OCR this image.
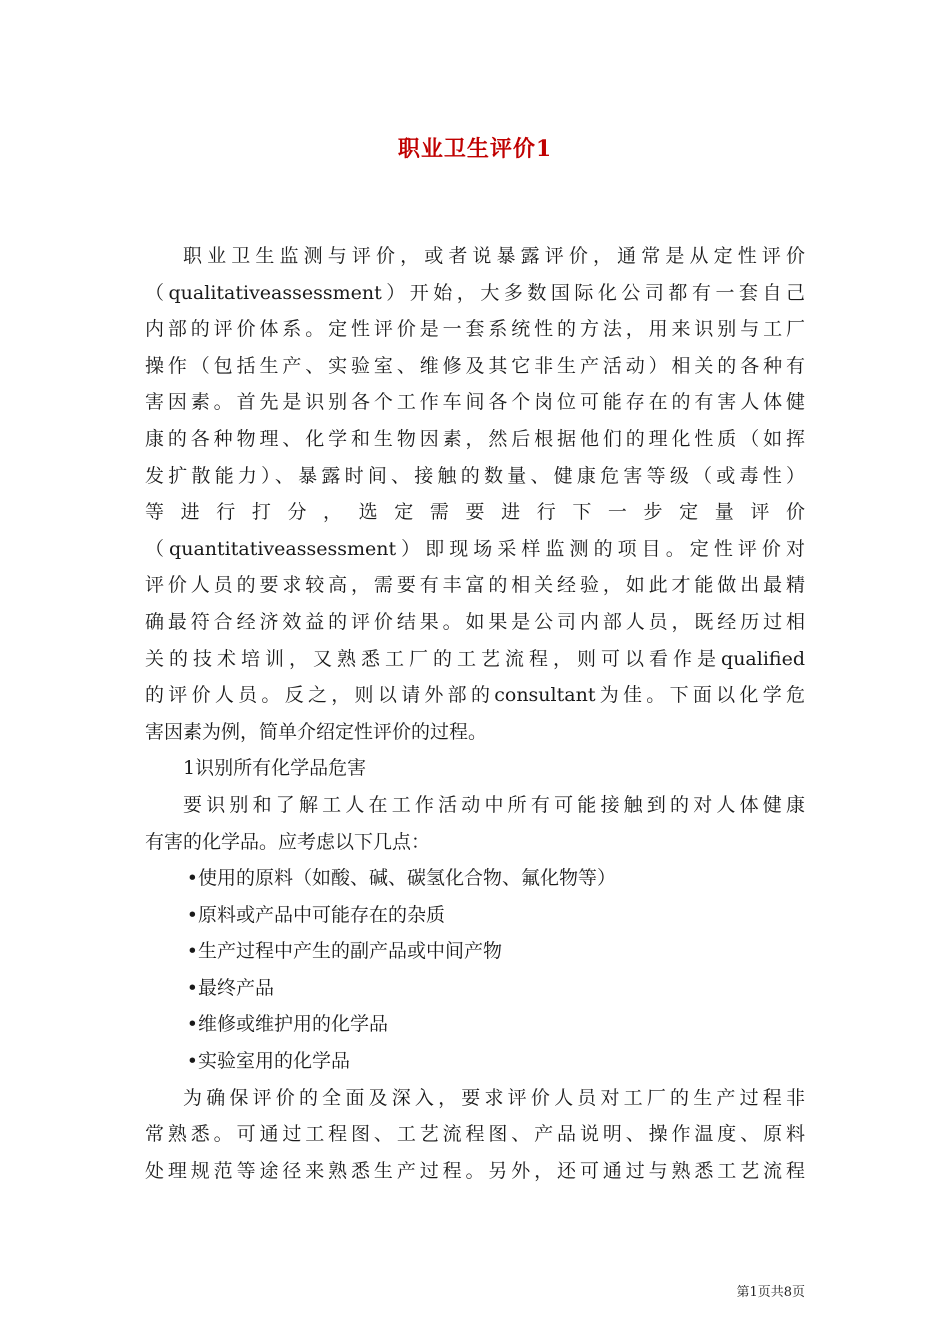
职业卫生评价1

职业卫生监测与评价，或者说暴露评价，通常是从定性评价

（qualitativeassessment）开始，大多数国际化公司都有一套自己

内部的评价体系。定性评价是一套系统性的方法，用来识别与工厂

操作（包括生产、实验室、维修及其它非生产活动）相关的各种有

害因素。首先是识别各个工作车间各个岗位可能存在的有害人体健

康的各种物理、化学和生物因素，然后根据他们的理化性质（如挥

发扩散能力）、暴露时间、接触的数量、健康危害等级（或毒性）

等进行打分，选定需要进行下一步定量评价

（quantitativeassessment）即现场采样监测的项目。定性评价对

评价人员的要求较高，需要有丰富的相关经验，如此才能做出最精

确最符合经济效益的评价结果。如果是公司内部人员，既经历过相

关的技术培训，又熟悉工厂的工艺流程，则可以看作是qualified

的评价人员。反之，则以请外部的consultant为佳。下面以化学危

害因素为例，简单介绍定性评价的过程。

1识别所有化学品危害

要识别和了解工人在工作活动中所有可能接触到的对人体健康

有害的化学品。应考虑以下几点：

•使用的原料（如酸、碱、碳氢化合物、氟化物等）

•原料或产品中可能存在的杂质

•生产过程中产生的副产品或中间产物

•最终产品

•维修或维护用的化学品

•实验室用的化学品

为确保评价的全面及深入，要求评价人员对工厂的生产过程非

常熟悉。可通过工程图、工艺流程图、产品说明、操作温度、原料

处理规范等途径来熟悉生产过程。另外，还可通过与熟悉工艺流程

第1页共8页
